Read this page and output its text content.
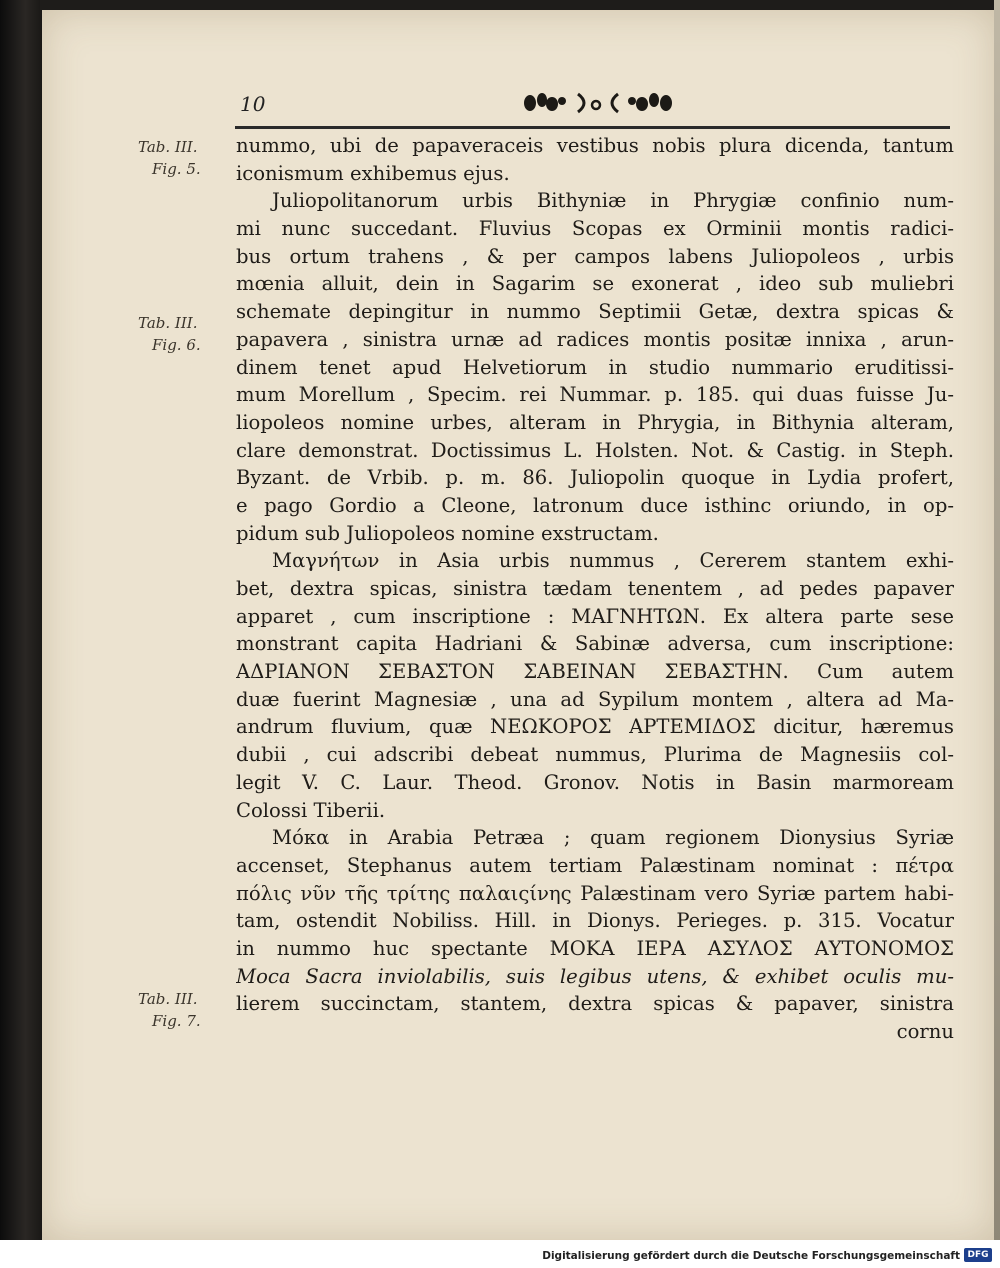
10
Tab. III.
Fig. 5.
Tab. III.
Fig. 6.
Tab. III.
Fig. 7.
nummo, ubi de papaveraceis vestibus nobis plura dicenda, tantum
iconismum exhibemus ejus.
Juliopolitanorum urbis Bithyniæ in Phrygiæ confinio num-
mi nunc succedant. Fluvius Scopas ex Orminii montis radici-
bus ortum trahens , & per campos labens Juliopoleos , urbis
mœnia alluit, dein in Sagarim se exonerat , ideo sub muliebri
schemate depingitur in nummo Septimii Getæ, dextra spicas &
papavera , sinistra urnæ ad radices montis positæ innixa , arun-
dinem tenet apud Helvetiorum in studio nummario eruditissi-
mum Morellum , Specim. rei Nummar. p. 185. qui duas fuisse Ju-
liopoleos nomine urbes, alteram in Phrygia, in Bithynia alteram,
clare demonstrat. Doctissimus L. Holsten. Not. & Castig. in Steph.
Byzant. de Vrbib. p. m. 86. Juliopolin quoque in Lydia profert,
e pago Gordio a Cleone, latronum duce isthinc oriundo, in op-
pidum sub Juliopoleos nomine exstructam.
Μαγνήτων in Asia urbis nummus , Cererem stantem exhi-
bet, dextra spicas, sinistra tædam tenentem , ad pedes papaver
apparet , cum inscriptione : ΜΑΓΝΗΤΩΝ. Ex altera parte sese
monstrant capita Hadriani & Sabinæ adversa, cum inscriptione:
ΑΔΡΙΑΝΟΝ ΣΕΒΑΣΤΟΝ ΣΑΒΕΙΝΑΝ ΣΕΒΑΣΤΗΝ. Cum autem
duæ fuerint Magnesiæ , una ad Sypilum montem , altera ad Ma-
andrum fluvium, quæ ΝΕΩΚΟΡΟΣ ΑΡΤΕΜΙΔΟΣ dicitur, hæremus
dubii , cui adscribi debeat nummus, Plurima de Magnesiis col-
legit V. C. Laur. Theod. Gronov. Notis in Basin marmoream
Colossi Tiberii.
Μόκα in Arabia Petræa ; quam regionem Dionysius Syriæ
accenset, Stephanus autem tertiam Palæstinam nominat : πέτρα
πόλις νῦν τῆς τρίτης παλαιςίνης Palæstinam vero Syriæ partem habi-
tam, ostendit Nobiliss. Hill. in Dionys. Perieges. p. 315. Vocatur
in nummo huc spectante ΜΟΚΑ ΙΕΡΑ ΑΣΥΛΟΣ ΑΥΤΟΝΟΜΟΣ
Moca Sacra inviolabilis, suis legibus utens, & exhibet oculis mu-
lierem succinctam, stantem, dextra spicas & papaver, sinistra
cornu
Digitalisierung gefördert durch die Deutsche Forschungsgemeinschaft DFG
